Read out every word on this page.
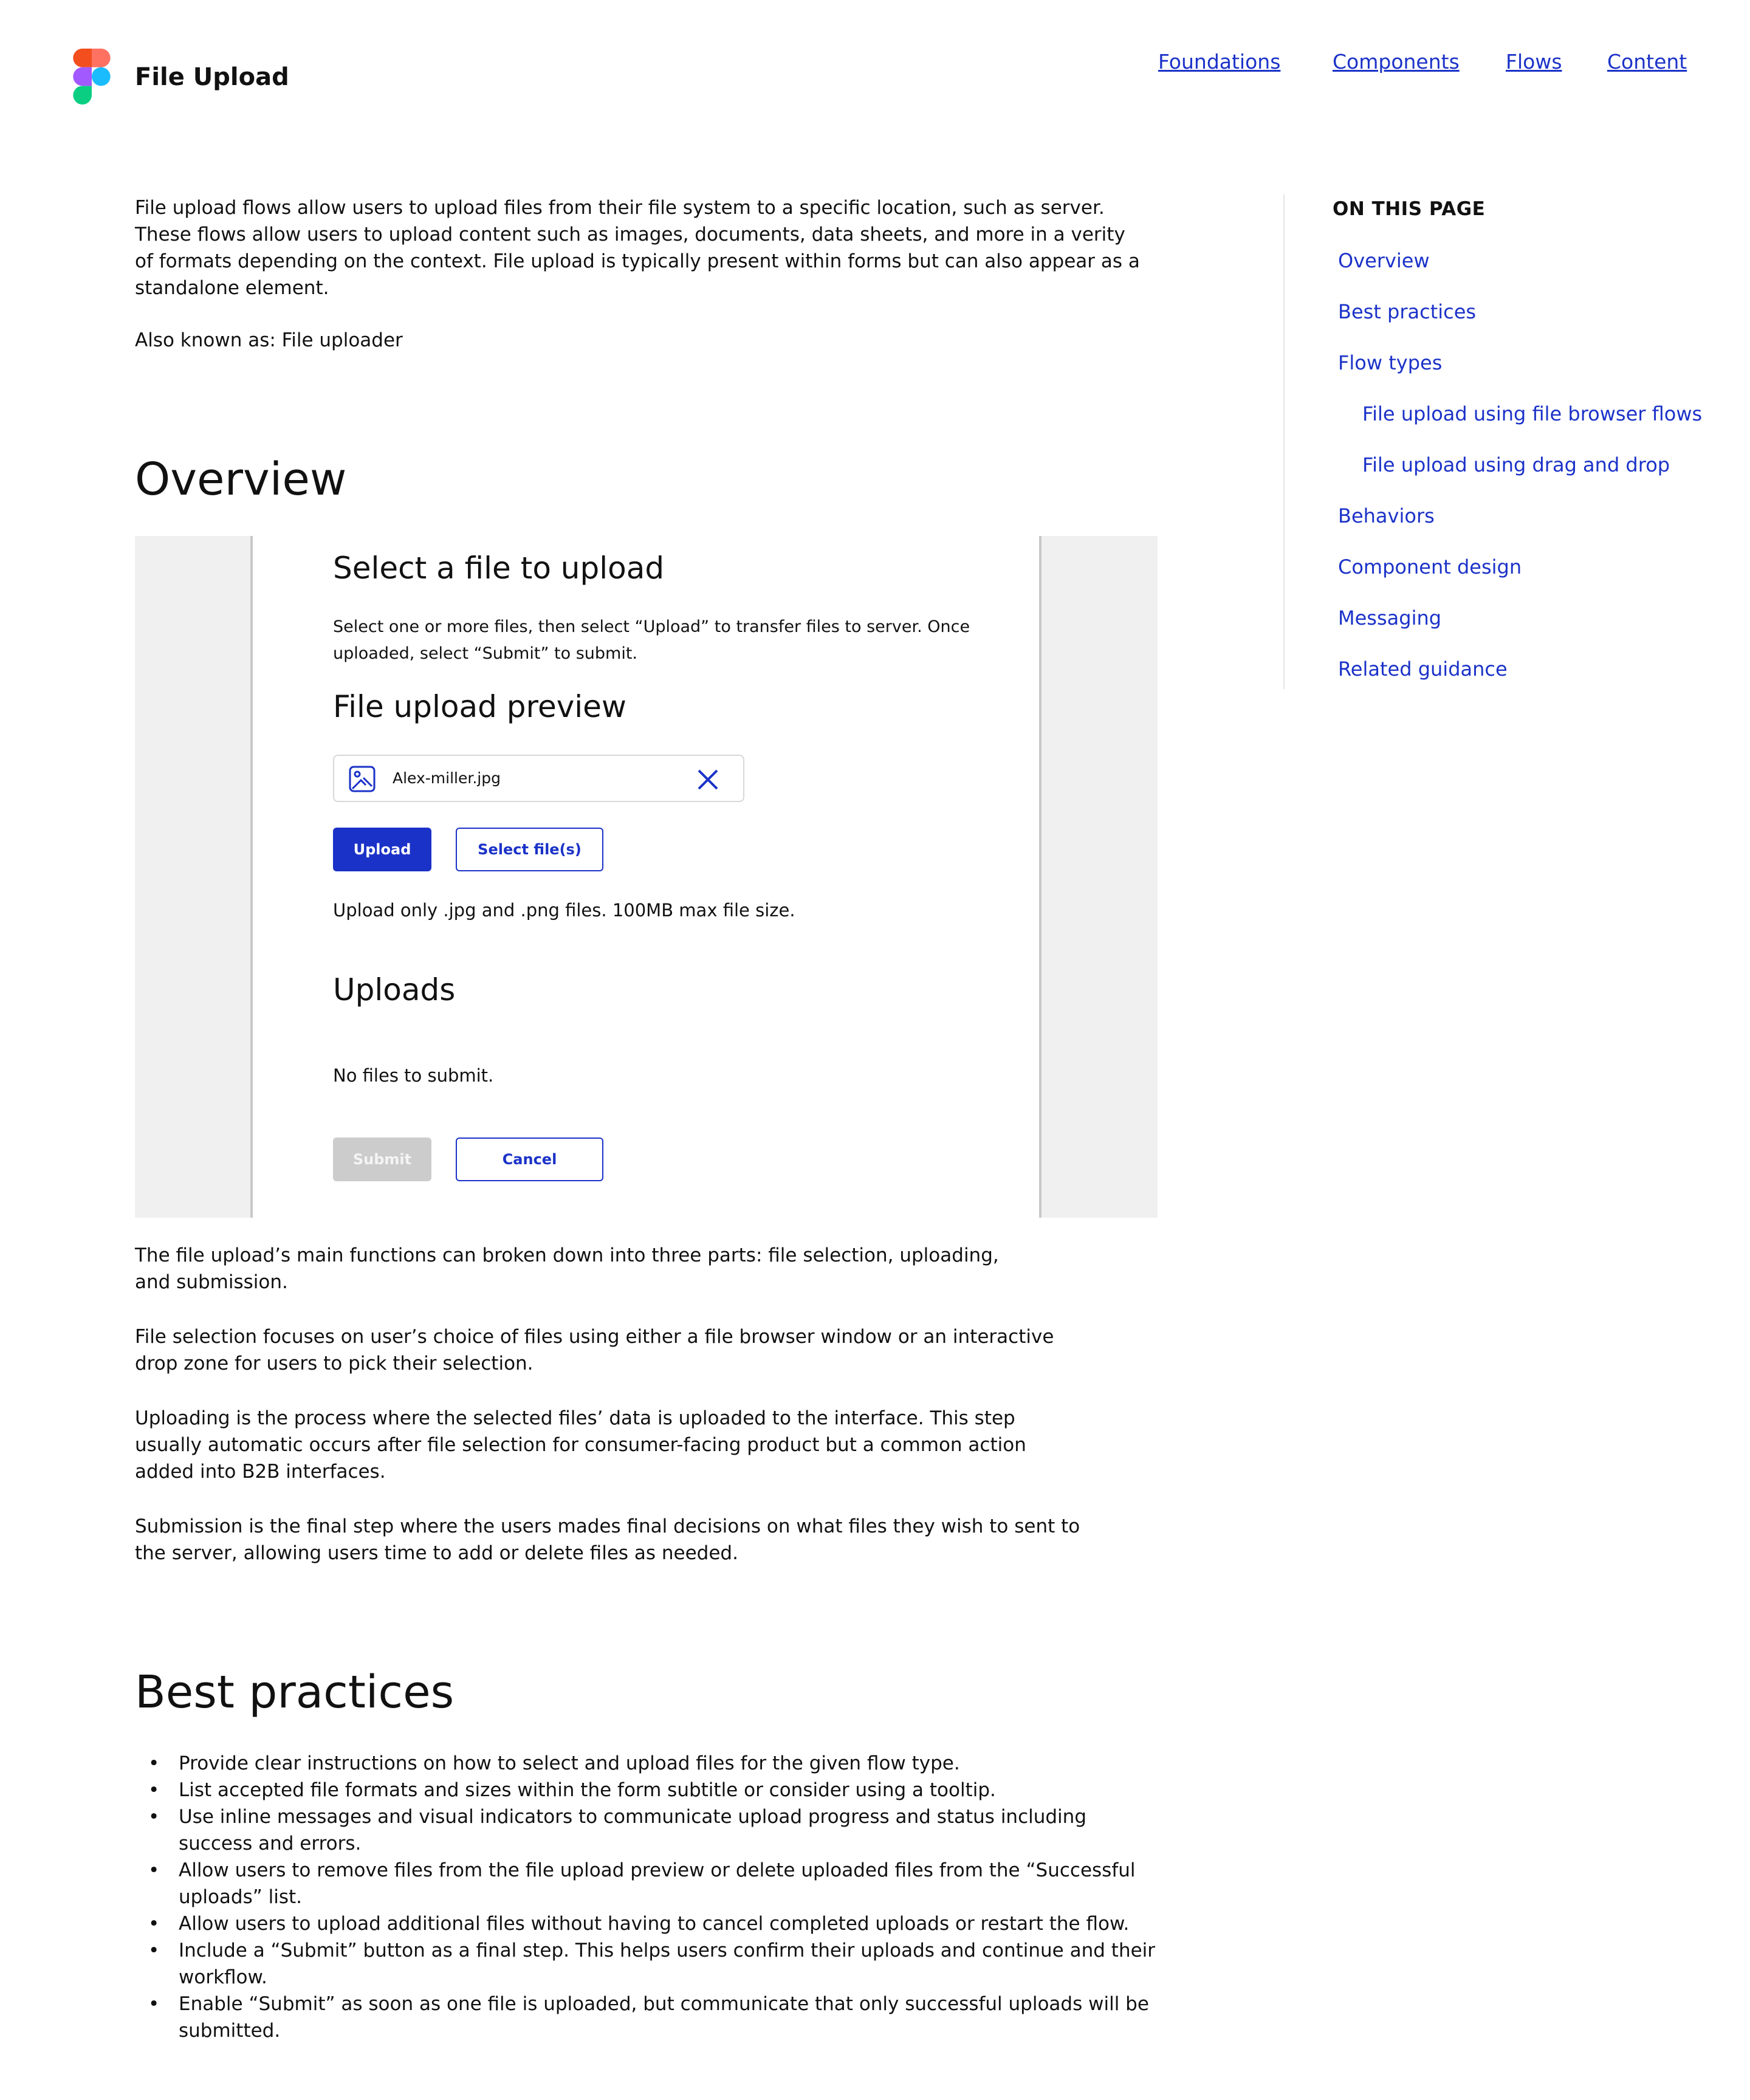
File Upload
Foundations	Components Flows Content

File upload flows allow users to upload files from their file system to a specific location, such as server. These flows allow users to upload content such as images, documents, data sheets, and more in a verity of formats depending on the context. File upload is typically present within forms but can also appear as a standalone element.

Also known as: File uploader

Overview
Select a file to upload

Select one or more files, then select “Upload” to transfer files to server. Once uploaded, select “Submit” to submit.

File upload preview
Alex-miller.jpg
Upload	Select file(s)

Upload only .jpg and .png files. 100MB max file size.

Uploads

No files to submit.

Submit	Cancel

The file upload’s main functions can broken down into three parts: file selection, uploading, and submission.

File selection focuses on user’s choice of files using either a file browser window or an interactive drop zone for users to pick their selection.

Uploading is the process where the selected files’ data is uploaded to the interface. This step usually automatic occurs after file selection for consumer-facing product but a common action added into B2B interfaces.

Submission is the final step where the users mades final decisions on what files they wish to sent to the server, allowing users time to add or delete files as needed.

Best practices
• Provide clear instructions on how to select and upload files for the given flow type.
• List accepted file formats and sizes within the form subtitle or consider using a tooltip.
• Use inline messages and visual indicators to communicate upload progress and status including success and errors.
• Allow users to remove files from the file upload preview or delete uploaded files from the “Successful uploads” list.
• Allow users to upload additional files without having to cancel completed uploads or restart the flow.
• Include a “Submit” button as a final step. This helps users confirm their uploads and continue and their workflow.
• Enable “Submit” as soon as one file is uploaded, but communicate that only successful uploads will be submitted.
ON THIS PAGE
Overview
Best practices
Flow types
File upload using file browser flows
File upload using drag and drop
Behaviors
Component design
Messaging
Related guidance
